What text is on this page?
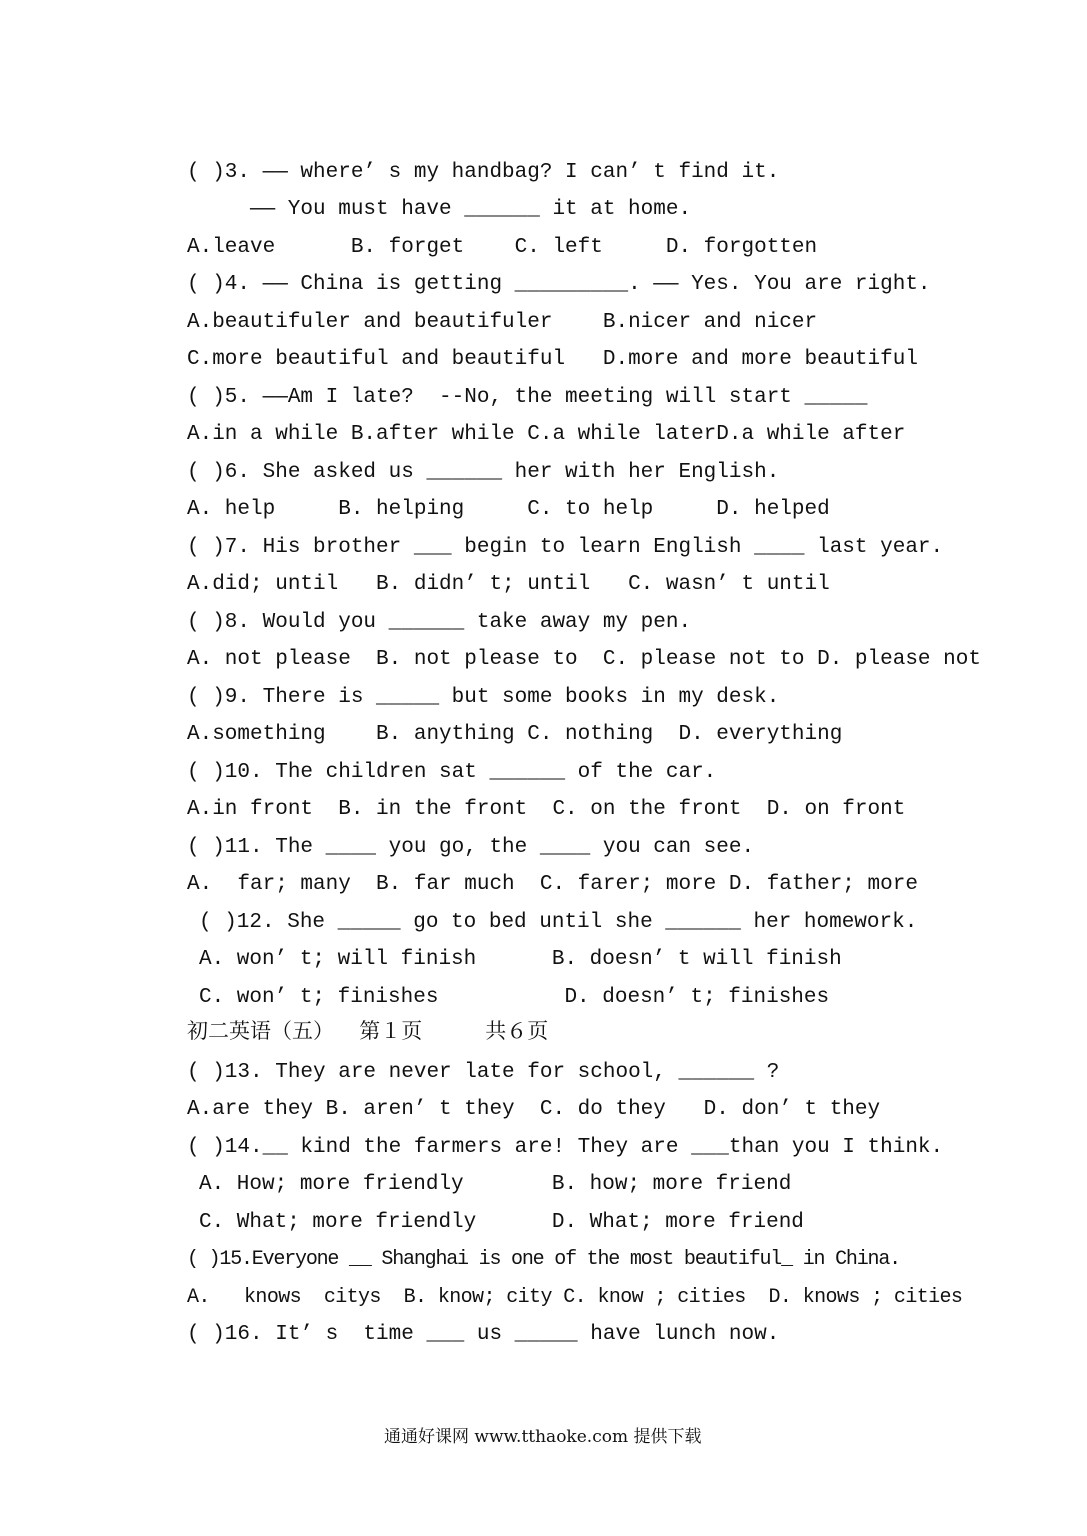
( )3. —— where’ s my handbag? I can’ t find it.

—— You must have ______ it at home.

A.leave      B. forget    C. left     D. forgotten

( )4. —— China is getting _________. —— Yes. You are right.

A.beautifuler and beautifuler    B.nicer and nicer

C.more beautiful and beautiful   D.more and more beautiful

( )5. ——Am I late?  --No, the meeting will start _____

A.in a while B.after while C.a while laterD.a while after

( )6. She asked us ______ her with her English.

A. help     B. helping     C. to help     D. helped

( )7. His brother ___ begin to learn English ____ last year.

A.did; until   B. didn’ t; until   C. wasn’ t until

( )8. Would you ______ take away my pen.

A. not please  B. not please to  C. please not to D. please not

( )9. There is _____ but some books in my desk.

A.something    B. anything C. nothing  D. everything

( )10. The children sat ______ of the car.

A.in front  B. in the front  C. on the front  D. on front

( )11. The ____ you go, the ____ you can see.

A.  far; many  B. far much  C. farer; more D. father; more

( )12. She _____ go to bed until she ______ her homework.

A. won’ t; will finish      B. doesn’ t will finish

C. won’ t; finishes          D. doesn’ t; finishes

初二英语（五）  第１页     共６页

( )13. They are never late for school, ______ ?

A.are they B. aren’ t they  C. do they   D. don’ t they

( )14.__ kind the farmers are! They are ___than you I think.

A. How; more friendly       B. how; more friend

C. What; more friendly      D. What; more friend

( )15.Everyone __ Shanghai is one of the most beautiful_ in China.

A.   knows  citys  B. know; city C. know ; cities  D. knows ; cities

( )16. It’ s  time ___ us _____ have lunch now.

通通好课网 www.tthaoke.com 提供下载
